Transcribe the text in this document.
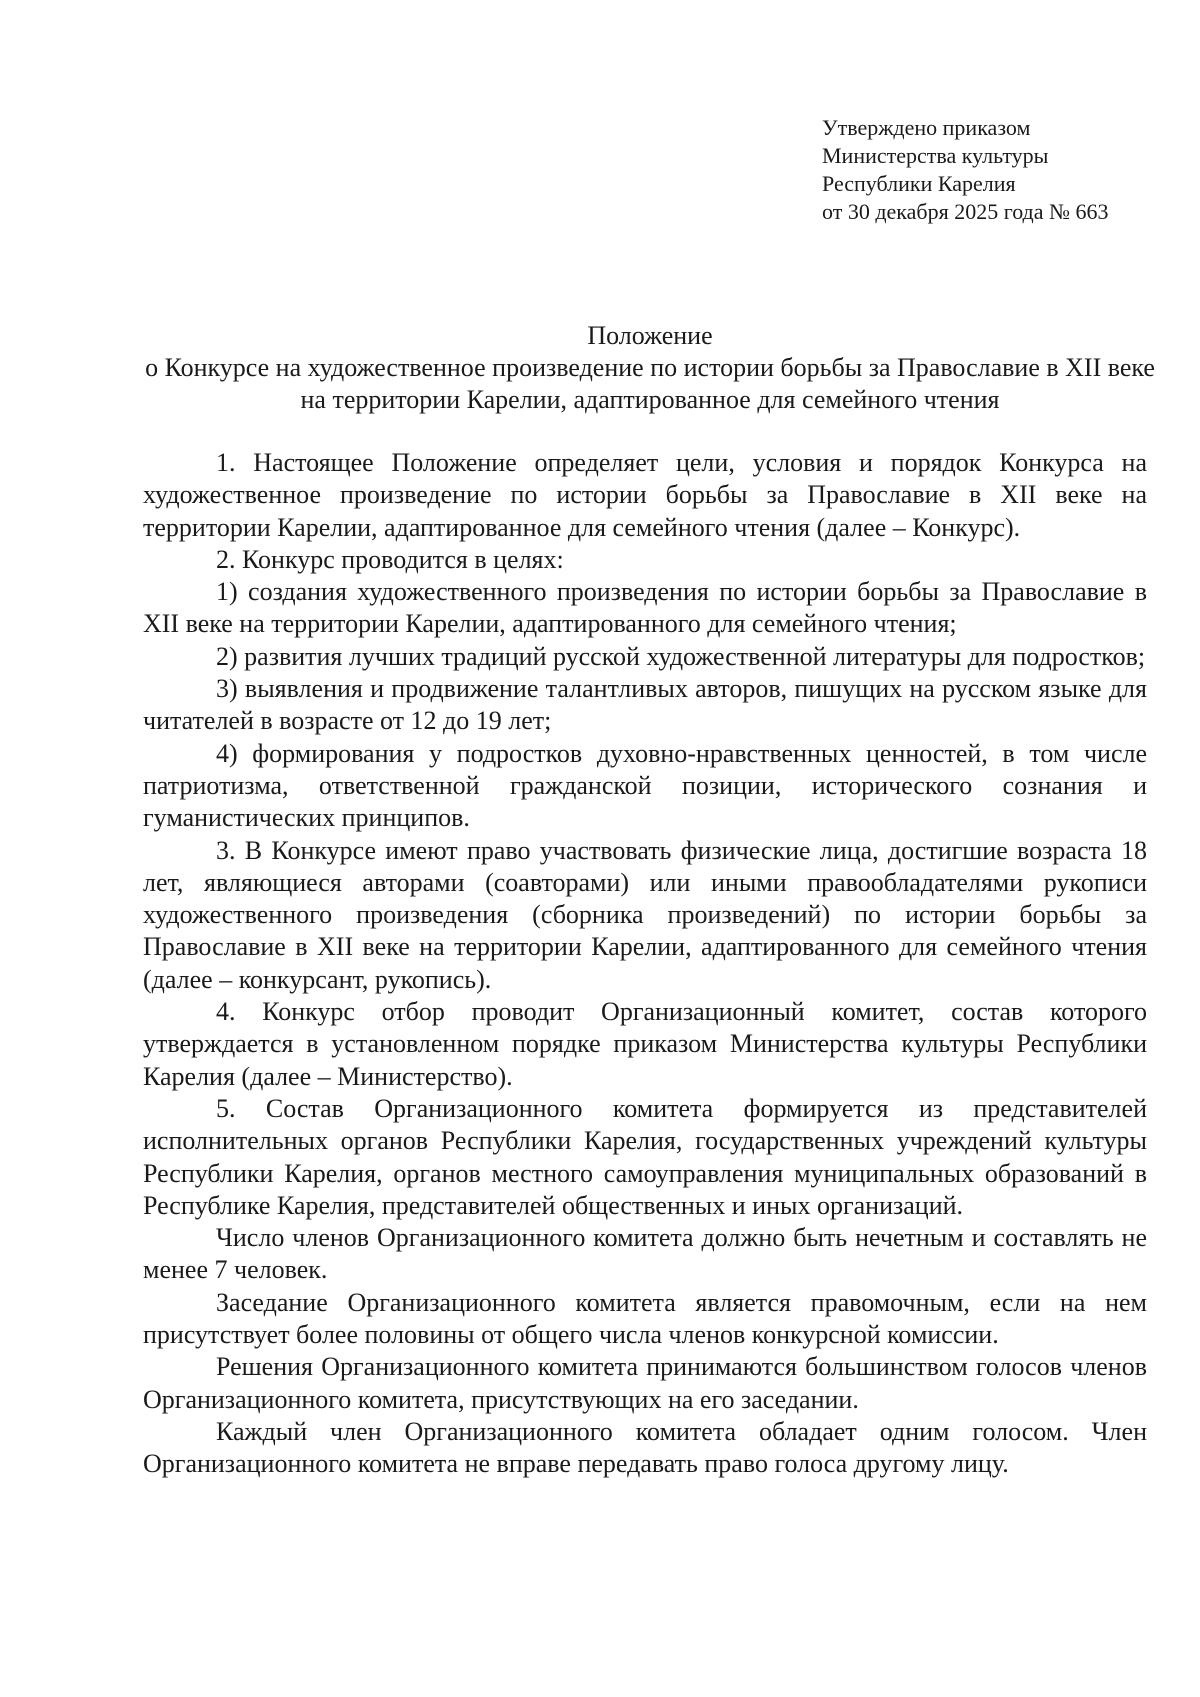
Утверждено приказом
Министерства культуры
Республики Карелия
от 30 декабря 2025 года № 663
Положение
о Конкурсе на художественное произведение по истории борьбы за Православие в XII веке на территории Карелии, адаптированное для семейного чтения

1. Настоящее Положение определяет цели, условия и порядок Конкурса на художественное произведение по истории борьбы за Православие в XII веке на территории Карелии, адаптированное для семейного чтения (далее – Конкурс).

2. Конкурс проводится в целях:

1) создания художественного произведения по истории борьбы за Православие в XII веке на территории Карелии, адаптированного для семейного чтения;

2) развития лучших традиций русской художественной литературы для подростков;

3) выявления и продвижение талантливых авторов, пишущих на русском языке для читателей в возрасте от 12 до 19 лет;

4) формирования у подростков духовно-нравственных ценностей, в том числе патриотизма, ответственной гражданской позиции, исторического сознания и гуманистических принципов.

3. В Конкурсе имеют право участвовать физические лица, достигшие возраста 18 лет, являющиеся авторами (соавторами) или иными правообладателями рукописи художественного произведения (сборника произведений) по истории борьбы за Православие в XII веке на территории Карелии, адаптированного для семейного чтения (далее – конкурсант, рукопись).

4. Конкурс отбор проводит Организационный комитет, состав которого утверждается в установленном порядке приказом Министерства культуры Республики Карелия (далее – Министерство).

5. Состав Организационного комитета формируется из представителей исполнительных органов Республики Карелия, государственных учреждений культуры Республики Карелия, органов местного самоуправления муниципальных образований в Республике Карелия, представителей общественных и иных организаций.

Число членов Организационного комитета должно быть нечетным и составлять не менее 7 человек.

Заседание Организационного комитета является правомочным, если на нем присутствует более половины от общего числа членов конкурсной комиссии.

Решения Организационного комитета принимаются большинством голосов членов Организационного комитета, присутствующих на его заседании.

Каждый член Организационного комитета обладает одним голосом. Член Организационного комитета не вправе передавать право голоса другому лицу.
